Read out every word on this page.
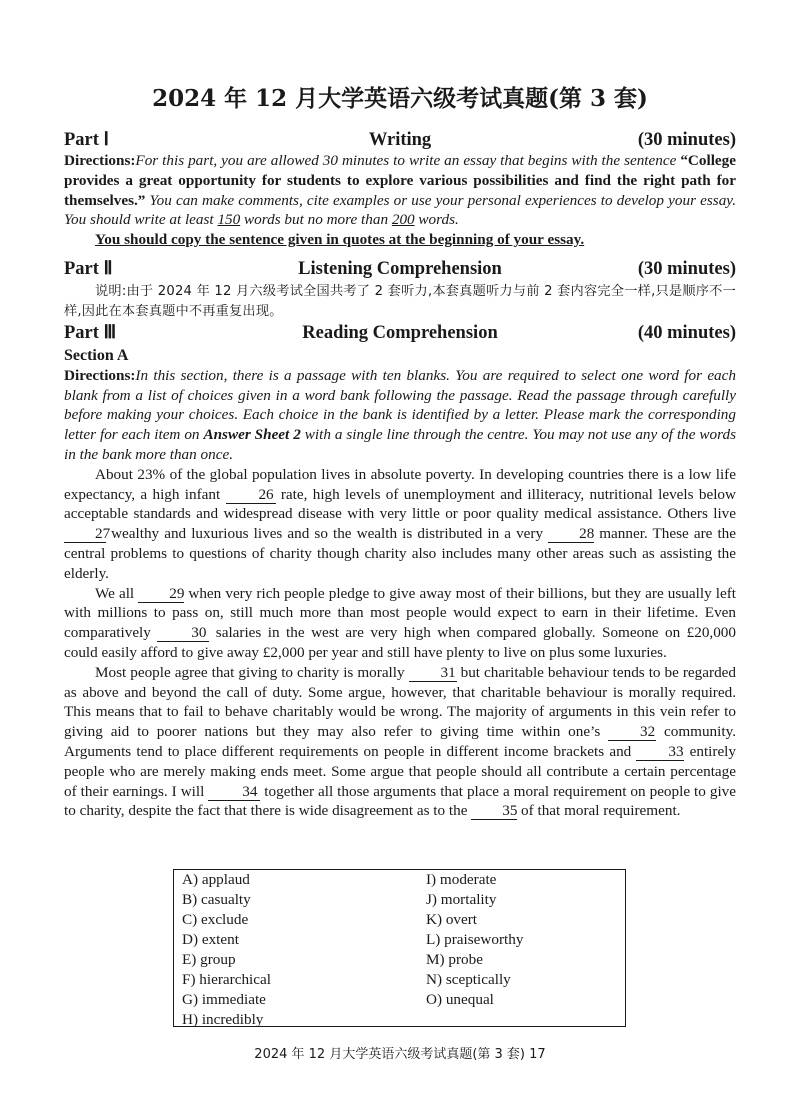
2024 年 12 月大学英语六级考试真题(第 3 套)
Part Ⅰ	Writing	(30 minutes)

Directions:For this part, you are allowed 30 minutes to write an essay that begins with the sentence “College provides a great opportunity for students to explore various possibilities and find the right path for themselves.” You can make comments, cite examples or use your personal experiences to develop your essay. You should write at least 150 words but no more than 200 words.

You should copy the sentence given in quotes at the beginning of your essay.

Part Ⅱ	Listening Comprehension	(30 minutes)

说明:由于 2024 年 12 月六级考试全国共考了 2 套听力,本套真题听力与前 2 套内容完全一样,只是顺序不一样,因此在本套真题中不再重复出现。

Part Ⅲ	Reading Comprehension	(40 minutes)

Section A

Directions:In this section, there is a passage with ten blanks. You are required to select one word for each blank from a list of choices given in a word bank following the passage. Read the passage through carefully before making your choices. Each choice in the bank is identified by a letter. Please mark the corresponding letter for each item on Answer Sheet 2 with a single line through the centre. You may not use any of the words in the bank more than once.

About 23% of the global population lives in absolute poverty. In developing countries there is a low life expectancy, a high infant 26 rate, high levels of unemployment and illiteracy, nutritional levels below acceptable standards and widespread disease with very little or poor quality medical assistance. Others live 27 wealthy and luxurious lives and so the wealth is distributed in a very 28 manner. These are the central problems to questions of charity though charity also includes many other areas such as assisting the elderly.

We all 29 when very rich people pledge to give away most of their billions, but they are usually left with millions to pass on, still much more than most people would expect to earn in their lifetime. Even comparatively 30 salaries in the west are very high when compared globally. Someone on £20,000 could easily afford to give away £2,000 per year and still have plenty to live on plus some luxuries.

Most people agree that giving to charity is morally 31 but charitable behaviour tends to be regarded as above and beyond the call of duty. Some argue, however, that charitable behaviour is morally required. This means that to fail to behave charitably would be wrong. The majority of arguments in this vein refer to giving aid to poorer nations but they may also refer to giving time within one’s 32 community. Arguments tend to place different requirements on people in different income brackets and 33 entirely people who are merely making ends meet. Some argue that people should all contribute a certain percentage of their earnings. I will 34 together all those arguments that place a moral requirement on people to give to charity, despite the fact that there is wide disagreement as to the 35 of that moral requirement.

A) applaud
B) casualty
C) exclude
D) extent
E) group
F) hierarchical
G) immediate
H) incredibly
I) moderate
J) mortality
K) overt
L) praiseworthy
M) probe
N) sceptically
O) unequal
2024 年 12 月大学英语六级考试真题(第 3 套) 17
